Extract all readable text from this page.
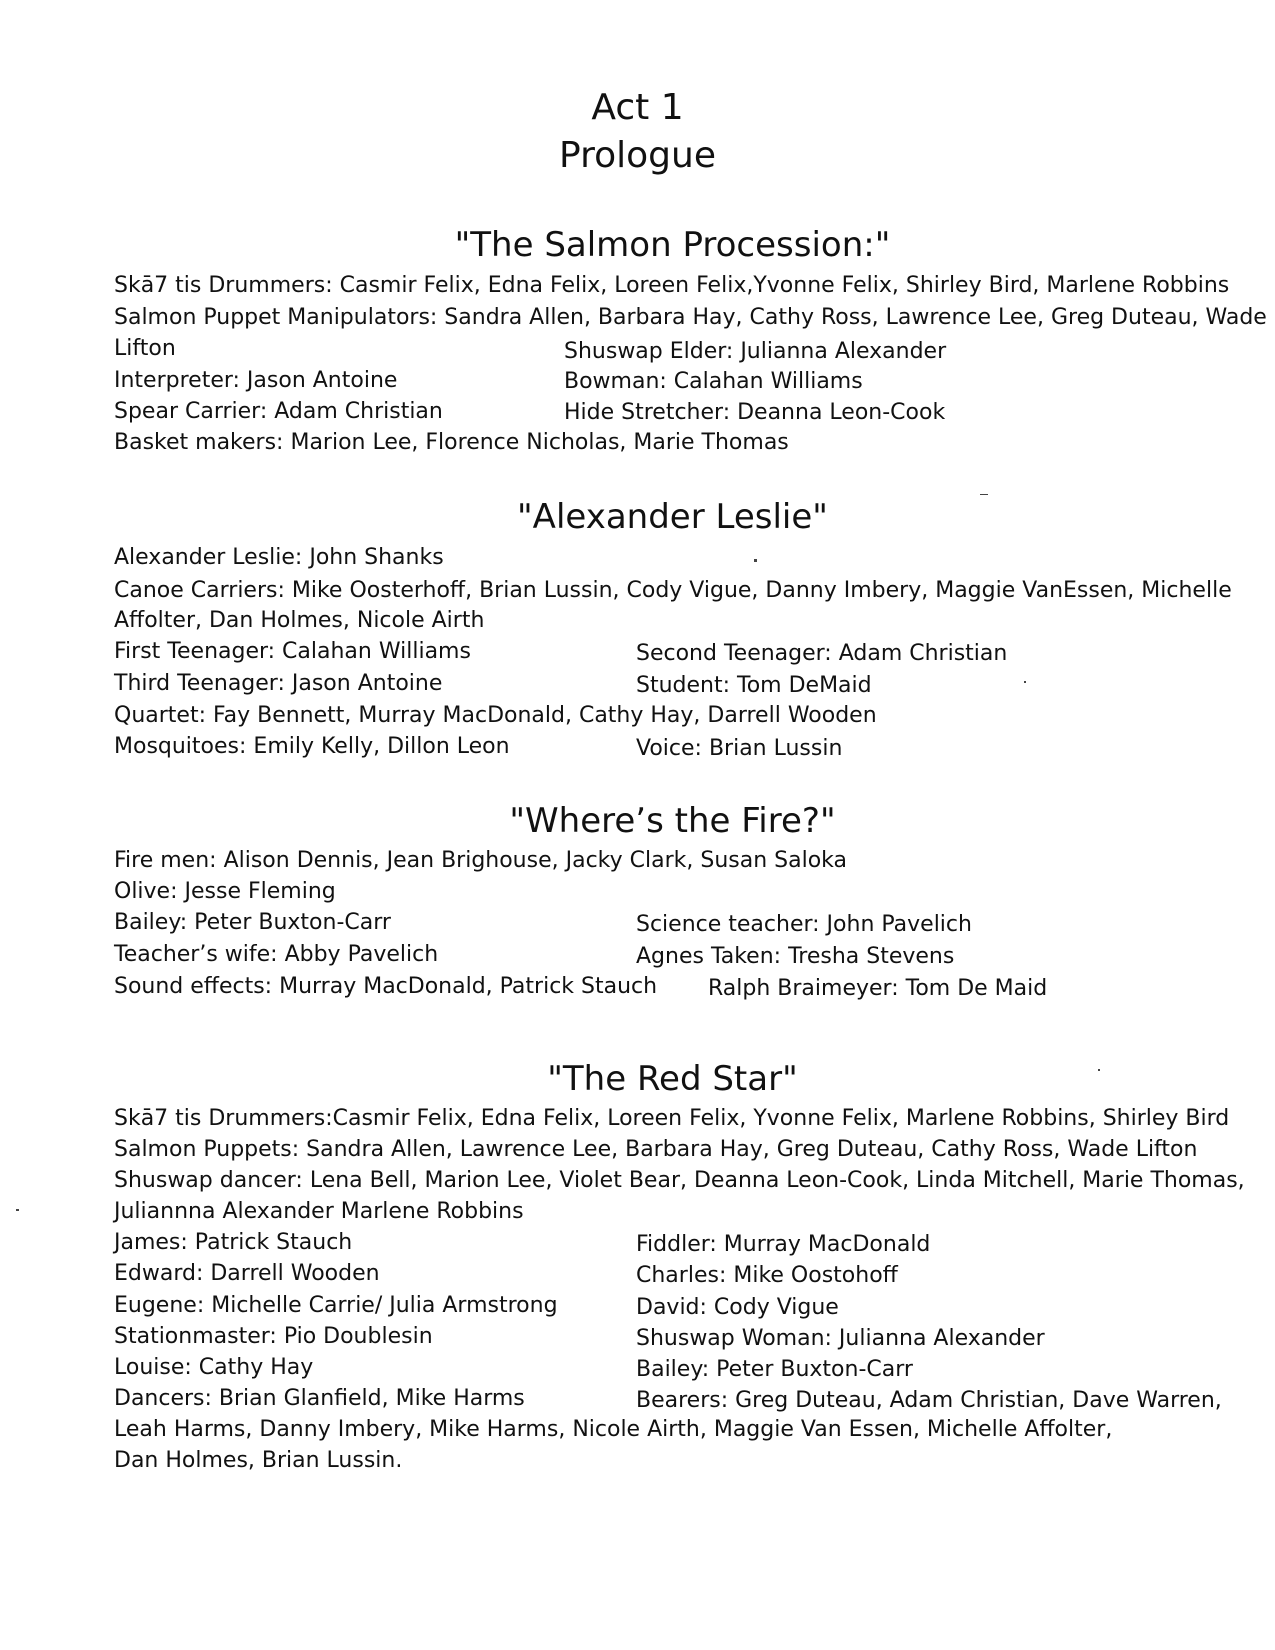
Act 1
Prologue
"The Salmon Procession:"
Skā7 tis Drummers: Casmir Felix, Edna Felix, Loreen Felix,Yvonne Felix, Shirley Bird, Marlene Robbins
Salmon Puppet Manipulators: Sandra Allen, Barbara Hay, Cathy Ross, Lawrence Lee, Greg Duteau, Wade
Lifton	Shuswap Elder: Julianna Alexander
Interpreter: Jason Antoine	Bowman: Calahan Williams
Spear Carrier: Adam Christian	Hide Stretcher: Deanna Leon-Cook
Basket makers: Marion Lee, Florence Nicholas, Marie Thomas
"Alexander Leslie"
Alexander Leslie: John Shanks
Canoe Carriers: Mike Oosterhoff, Brian Lussin, Cody Vigue, Danny Imbery, Maggie VanEssen, Michelle
Affolter, Dan Holmes, Nicole Airth
First Teenager: Calahan Williams	Second Teenager: Adam Christian
Third Teenager: Jason Antoine	Student: Tom DeMaid
Quartet: Fay Bennett, Murray MacDonald, Cathy Hay, Darrell Wooden
Mosquitoes: Emily Kelly, Dillon Leon	Voice: Brian Lussin
"Where’s the Fire?"
Fire men: Alison Dennis, Jean Brighouse, Jacky Clark, Susan Saloka
Olive: Jesse Fleming
Bailey: Peter Buxton-Carr	Science teacher: John Pavelich
Teacher’s wife: Abby Pavelich	Agnes Taken: Tresha Stevens
Sound effects: Murray MacDonald, Patrick Stauch Ralph Braimeyer: Tom De Maid
"The Red Star"
Skā7 tis Drummers:Casmir Felix, Edna Felix, Loreen Felix, Yvonne Felix, Marlene Robbins, Shirley Bird
Salmon Puppets: Sandra Allen, Lawrence Lee, Barbara Hay, Greg Duteau, Cathy Ross, Wade Lifton
Shuswap dancer: Lena Bell, Marion Lee, Violet Bear, Deanna Leon-Cook, Linda Mitchell, Marie Thomas,
Juliannna Alexander Marlene Robbins
James: Patrick Stauch	Fiddler: Murray MacDonald
Edward: Darrell Wooden	Charles: Mike Oostohoff
Eugene: Michelle Carrie/ Julia Armstrong	David: Cody Vigue
Stationmaster: Pio Doublesin	Shuswap Woman: Julianna Alexander
Louise: Cathy Hay	Bailey: Peter Buxton-Carr
Dancers: Brian Glanfield, Mike Harms	Bearers: Greg Duteau, Adam Christian, Dave Warren,
Leah Harms, Danny Imbery, Mike Harms, Nicole Airth, Maggie Van Essen, Michelle Affolter,
Dan Holmes, Brian Lussin.
